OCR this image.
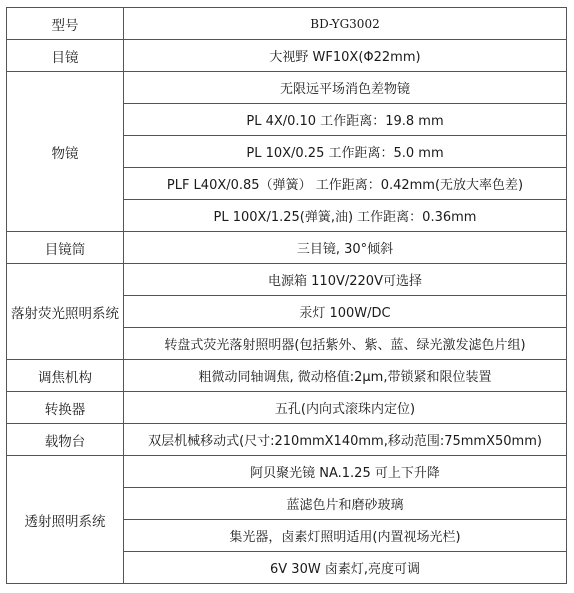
型号	BD-YG3002
目镜	大视野 WF10X(Φ22mm)
物镜	无限远平场消色差物镜
	PL 4X/0.10 工作距离：19.8 mm
	PL 10X/0.25 工作距离：5.0 mm
	PLF L40X/0.85（弹簧） 工作距离：0.42mm(无放大率色差)
	PL 100X/1.25(弹簧,油) 工作距离：0.36mm
目镜筒	三目镜, 30°倾斜
落射荧光照明系统	电源箱 110V/220V可选择
	汞灯 100W/DC
	转盘式荧光落射照明器(包括紫外、紫、蓝、绿光激发滤色片组)
调焦机构	粗微动同轴调焦, 微动格值:2μm,带锁紧和限位装置
转换器	五孔(内向式滚珠内定位)
载物台	双层机械移动式(尺寸:210mmX140mm,移动范围:75mmX50mm)
透射照明系统	阿贝聚光镜 NA.1.25 可上下升降
	蓝滤色片和磨砂玻璃
	集光器，卤素灯照明适用(内置视场光栏)
	6V 30W 卤素灯,亮度可调
